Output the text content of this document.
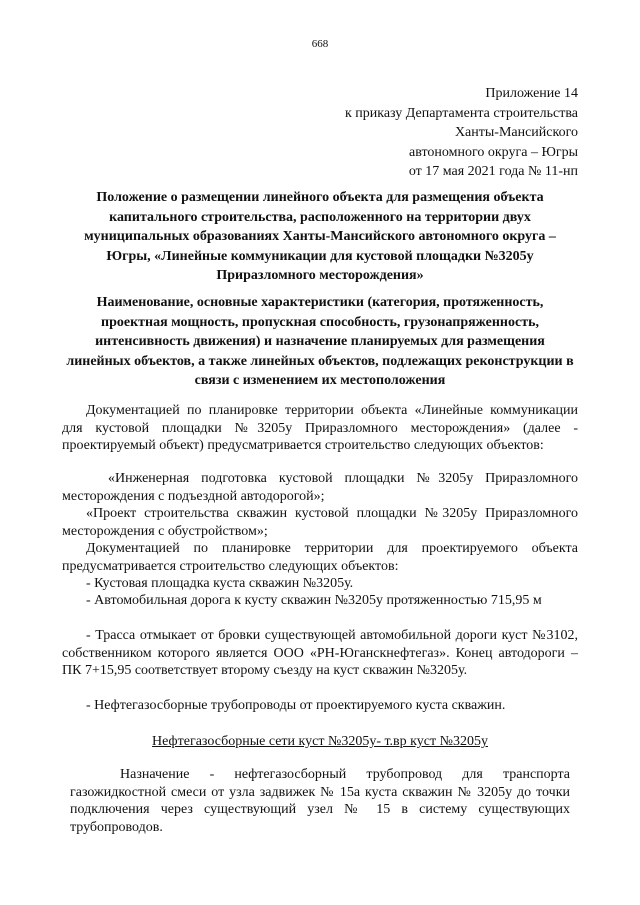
668
Приложение 14
к приказу Департамента строительства
Ханты-Мансийского
автономного округа – Югры
от 17 мая 2021 года № 11-нп
Положение о размещении линейного объекта для размещения объекта капитального строительства, расположенного на территории двух муниципальных образованиях Ханты-Мансийского автономного округа – Югры, «Линейные коммуникации для кустовой площадки №3205у Приразломного месторождения»
Наименование, основные характеристики (категория, протяженность, проектная мощность, пропускная способность, грузонапряженность, интенсивность движения) и назначение планируемых для размещения линейных объектов, а также линейных объектов, подлежащих реконструкции в связи с изменением их местоположения
Документацией по планировке территории объекта «Линейные коммуникации для кустовой площадки №3205у Приразломного месторождения» (далее - проектируемый объект) предусматривается строительство следующих объектов:
«Инженерная подготовка кустовой площадки №3205у Приразломного месторождения с подъездной автодорогой»;
«Проект строительства скважин кустовой площадки №3205у Приразломного месторождения с обустройством»;
Документацией по планировке территории для проектируемого объекта предусматривается строительство следующих объектов:
- Кустовая площадка куста скважин №3205у.
- Автомобильная дорога к кусту скважин №3205у протяженностью 715,95 м
- Трасса отмыкает от бровки существующей автомобильной дороги куст №3102, собственником которого является ООО «РН-Юганскнефтегаз». Конец автодороги – ПК 7+15,95 соответствует второму съезду на куст скважин №3205у.
- Нефтегазосборные трубопроводы от проектируемого куста скважин.
Нефтегазосборные сети куст №3205у- т.вр куст №3205у
Назначение - нефтегазосборный трубопровод для транспорта газожидкостной смеси от узла задвижек № 15а куста скважин № 3205у до точки подключения через существующий узел № 15 в систему существующих трубопроводов.
